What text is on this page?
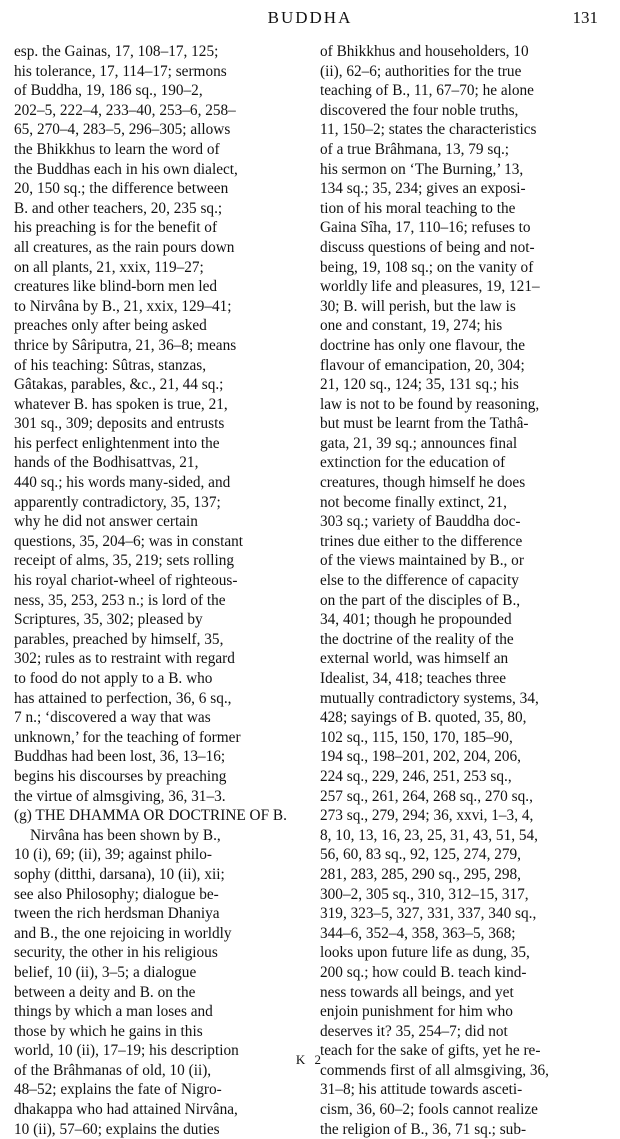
BUDDHA	131
esp. the Gainas, 17, 108–17, 125;
his tolerance, 17, 114–17; sermons
of Buddha, 19, 186 sq., 190–2,
202–5, 222–4, 233–40, 253–6, 258–
65, 270–4, 283–5, 296–305; allows
the Bhikkhus to learn the word of
the Buddhas each in his own dialect,
20, 150 sq.; the difference between
B. and other teachers, 20, 235 sq.;
his preaching is for the benefit of
all creatures, as the rain pours down
on all plants, 21, xxix, 119–27;
creatures like blind-born men led
to Nirvâna by B., 21, xxix, 129–41;
preaches only after being asked
thrice by Sâriputra, 21, 36–8; means
of his teaching: Sûtras, stanzas,
Gâtakas, parables, &c., 21, 44 sq.;
whatever B. has spoken is true, 21,
301 sq., 309; deposits and entrusts
his perfect enlightenment into the
hands of the Bodhisattvas, 21,
440 sq.; his words many-sided, and
apparently contradictory, 35, 137;
why he did not answer certain
questions, 35, 204–6; was in constant
receipt of alms, 35, 219; sets rolling
his royal chariot-wheel of righteous-
ness, 35, 253, 253 n.; is lord of the
Scriptures, 35, 302; pleased by
parables, preached by himself, 35,
302; rules as to restraint with regard
to food do not apply to a B. who
has attained to perfection, 36, 6 sq.,
7 n.; ‘discovered a way that was
unknown,’ for the teaching of former
Buddhas had been lost, 36, 13–16;
begins his discourses by preaching
the virtue of almsgiving, 36, 31–3.
(g) THE DHAMMA OR DOCTRINE OF B.
Nirvâna has been shown by B.,
10 (i), 69; (ii), 39; against philo-
sophy (ditthi, darsana), 10 (ii), xii;
see also Philosophy; dialogue be-
tween the rich herdsman Dhaniya
and B., the one rejoicing in worldly
security, the other in his religious
belief, 10 (ii), 3–5; a dialogue
between a deity and B. on the
things by which a man loses and
those by which he gains in this
world, 10 (ii), 17–19; his description
of the Brâhmanas of old, 10 (ii),
48–52; explains the fate of Nigro-
dhakappa who had attained Nirvâna,
10 (ii), 57–60; explains the duties
of Bhikkhus and householders, 10
(ii), 62–6; authorities for the true
teaching of B., 11, 67–70; he alone
discovered the four noble truths,
11, 150–2; states the characteristics
of a true Brâhmana, 13, 79 sq.;
his sermon on ‘The Burning,’ 13,
134 sq.; 35, 234; gives an exposi-
tion of his moral teaching to the
Gaina Sîha, 17, 110–16; refuses to
discuss questions of being and not-
being, 19, 108 sq.; on the vanity of
worldly life and pleasures, 19, 121–
30; B. will perish, but the law is
one and constant, 19, 274; his
doctrine has only one flavour, the
flavour of emancipation, 20, 304;
21, 120 sq., 124; 35, 131 sq.; his
law is not to be found by reasoning,
but must be learnt from the Tathâ-
gata, 21, 39 sq.; announces final
extinction for the education of
creatures, though himself he does
not become finally extinct, 21,
303 sq.; variety of Bauddha doc-
trines due either to the difference
of the views maintained by B., or
else to the difference of capacity
on the part of the disciples of B.,
34, 401; though he propounded
the doctrine of the reality of the
external world, was himself an
Idealist, 34, 418; teaches three
mutually contradictory systems, 34,
428; sayings of B. quoted, 35, 80,
102 sq., 115, 150, 170, 185–90,
194 sq., 198–201, 202, 204, 206,
224 sq., 229, 246, 251, 253 sq.,
257 sq., 261, 264, 268 sq., 270 sq.,
273 sq., 279, 294; 36, xxvi, 1–3, 4,
8, 10, 13, 16, 23, 25, 31, 43, 51, 54,
56, 60, 83 sq., 92, 125, 274, 279,
281, 283, 285, 290 sq., 295, 298,
300–2, 305 sq., 310, 312–15, 317,
319, 323–5, 327, 331, 337, 340 sq.,
344–6, 352–4, 358, 363–5, 368;
looks upon future life as dung, 35,
200 sq.; how could B. teach kind-
ness towards all beings, and yet
enjoin punishment for him who
deserves it? 35, 254–7; did not
teach for the sake of gifts, yet he re-
commends first of all almsgiving, 36,
31–8; his attitude towards asceti-
cism, 36, 60–2; fools cannot realize
the religion of B., 36, 71 sq.; sub-
K 2
